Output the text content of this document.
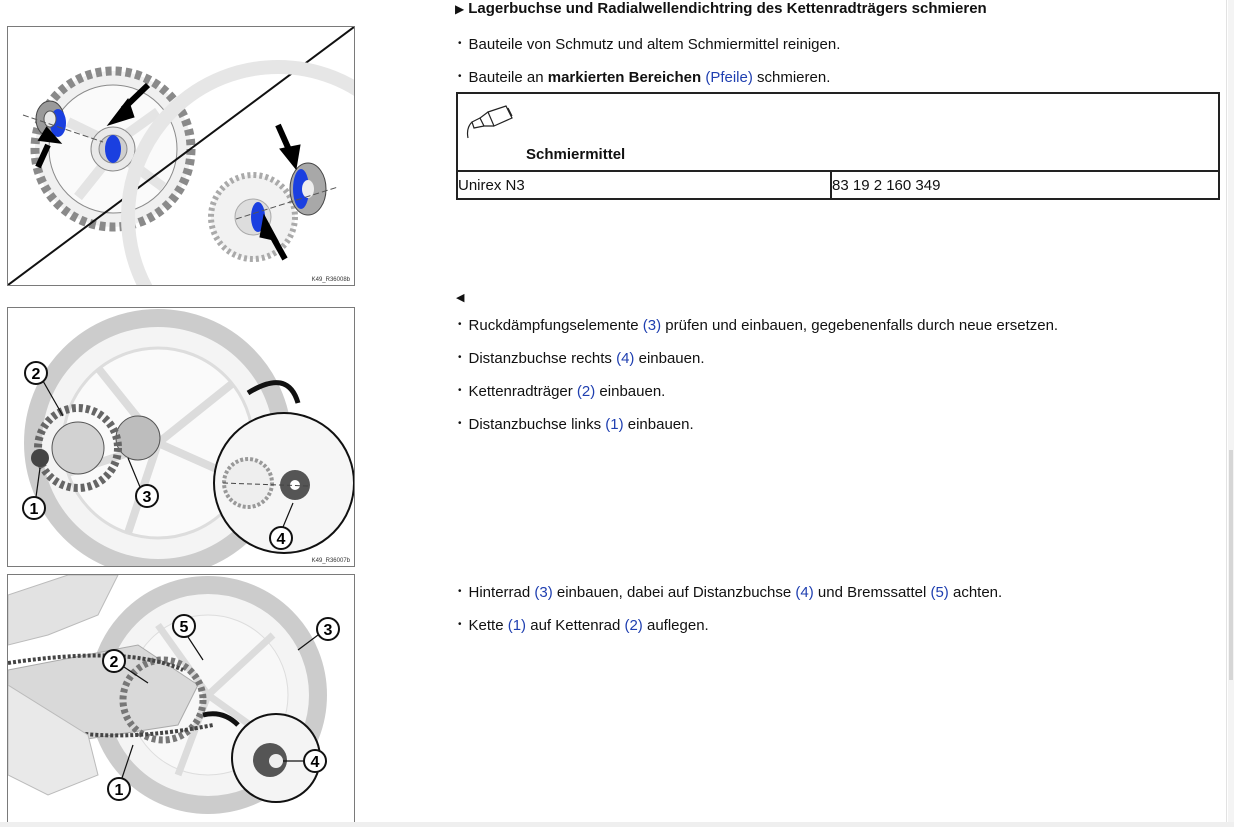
K49_R36008b
2
1
3
4
K49_R36007b
5
2
3
4
1
▶ Lagerbuchse und Radialwellendichtring des Kettenradträgers schmieren
• Bauteile von Schmutz und altem Schmiermittel reinigen.
• Bauteile an markierten Bereichen (Pfeile) schmieren.
Schmiermittel

Unirex N3	83 19 2 160 349
◀
• Ruckdämpfungselemente (3) prüfen und einbauen, gegebenenfalls durch neue ersetzen.
• Distanzbuchse rechts (4) einbauen.
• Kettenradträger (2) einbauen.
• Distanzbuchse links (1) einbauen.
• Hinterrad (3) einbauen, dabei auf Distanzbuchse (4) und Bremssattel (5) achten.
• Kette (1) auf Kettenrad (2) auflegen.
